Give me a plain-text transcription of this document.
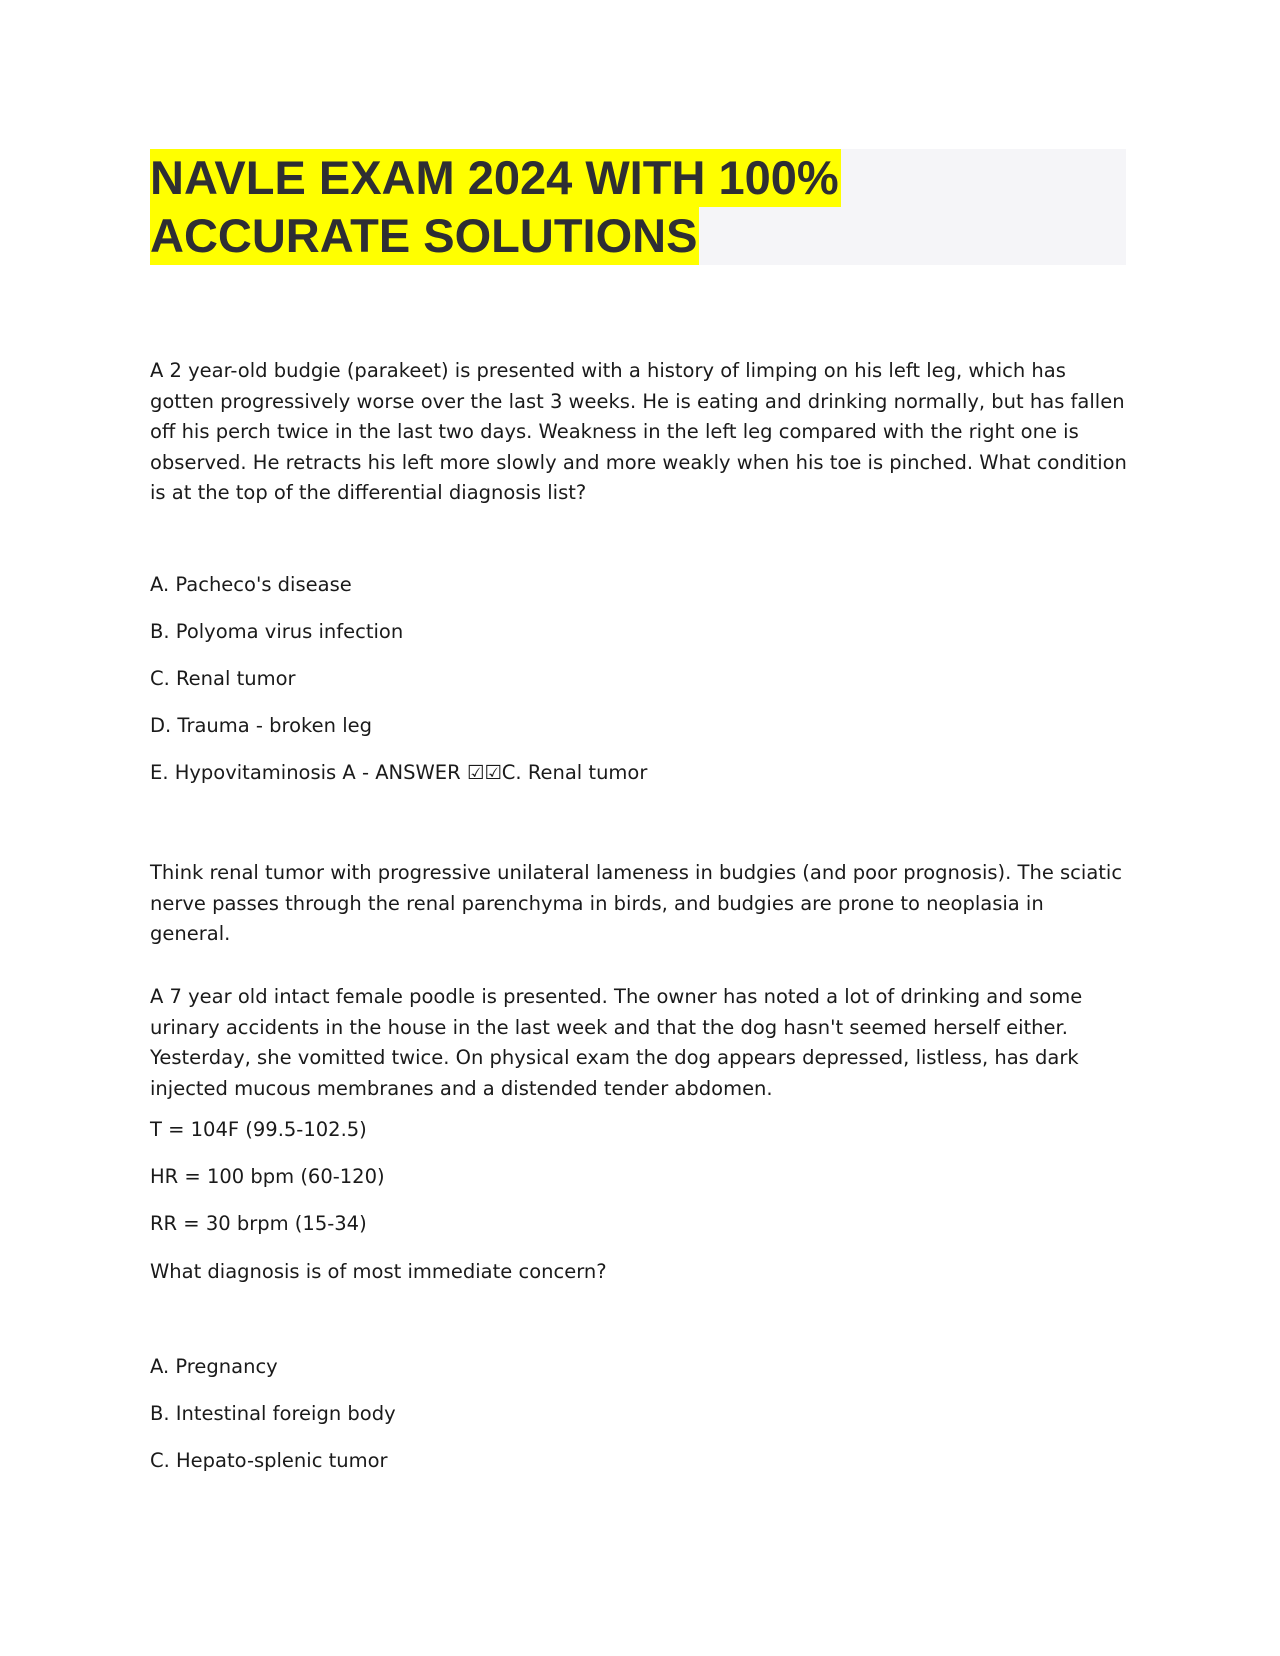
NAVLE EXAM 2024 WITH 100%
ACCURATE SOLUTIONS

A 2 year-old budgie (parakeet) is presented with a history of limping on his left leg, which has gotten progressively worse over the last 3 weeks. He is eating and drinking normally, but has fallen off his perch twice in the last two days. Weakness in the left leg compared with the right one is observed. He retracts his left more slowly and more weakly when his toe is pinched. What condition is at the top of the differential diagnosis list?

A. Pacheco's disease
B. Polyoma virus infection
C. Renal tumor
D. Trauma - broken leg
E. Hypovitaminosis A - ANSWER ☑☑C. Renal tumor

Think renal tumor with progressive unilateral lameness in budgies (and poor prognosis). The sciatic nerve passes through the renal parenchyma in birds, and budgies are prone to neoplasia in general.

A 7 year old intact female poodle is presented. The owner has noted a lot of drinking and some urinary accidents in the house in the last week and that the dog hasn't seemed herself either. Yesterday, she vomitted twice. On physical exam the dog appears depressed, listless, has dark injected mucous membranes and a distended tender abdomen.

T = 104F (99.5-102.5)
HR = 100 bpm (60-120)
RR = 30 brpm (15-34)
What diagnosis is of most immediate concern?
A. Pregnancy
B. Intestinal foreign body
C. Hepato-splenic tumor
